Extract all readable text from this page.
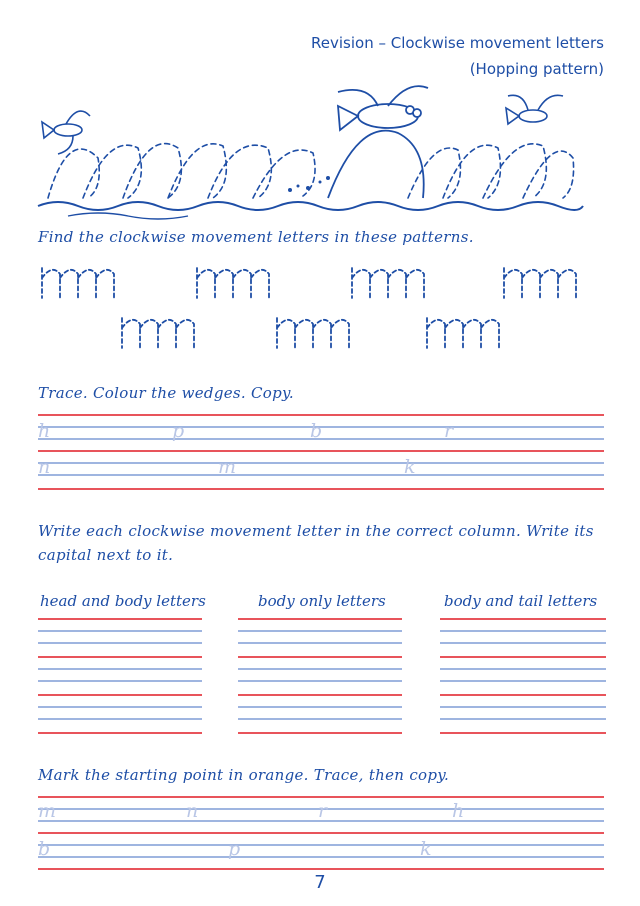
Revision – Clockwise movement letters
(Hopping pattern)
Find the clockwise movement letters in these patterns.
Trace. Colour the wedges. Copy.
h	p	b	r
n	m	k
Write each clockwise movement letter in the correct column. Write its
capital next to it.
head and body letters	body only letters	body and tail letters
Mark the starting point in orange. Trace, then copy.
m	n	r	h
b	p	k
7
